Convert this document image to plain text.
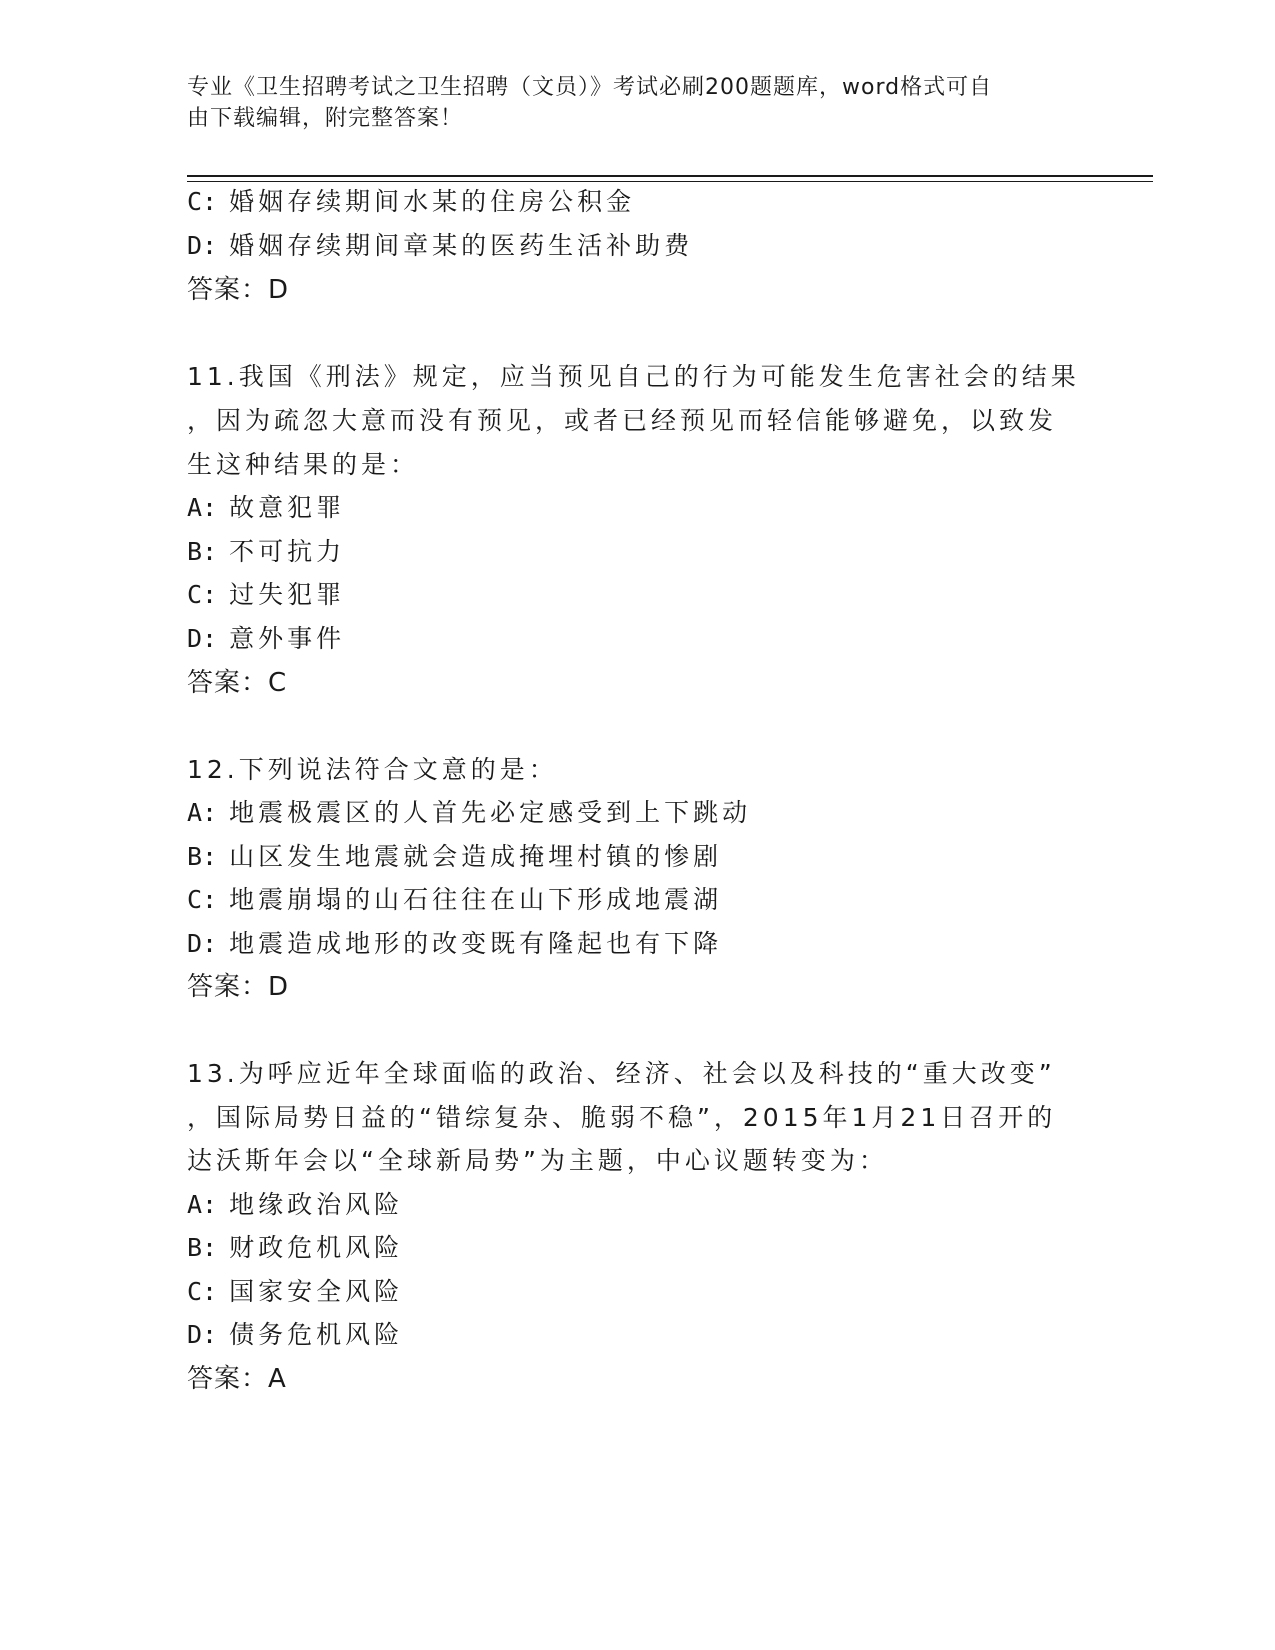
专业《卫生招聘考试之卫生招聘（文员）》考试必刷200题题库，word格式可自
由下载编辑，附完整答案！
C: 婚姻存续期间水某的住房公积金
D: 婚姻存续期间章某的医药生活补助费
答案：D
11.我国《刑法》规定，应当预见自己的行为可能发生危害社会的结果
，因为疏忽大意而没有预见，或者已经预见而轻信能够避免，以致发
生这种结果的是：
A: 故意犯罪
B: 不可抗力
C: 过失犯罪
D: 意外事件
答案：C
12.下列说法符合文意的是：
A: 地震极震区的人首先必定感受到上下跳动
B: 山区发生地震就会造成掩埋村镇的惨剧
C: 地震崩塌的山石往往在山下形成地震湖
D: 地震造成地形的改变既有隆起也有下降
答案：D
13.为呼应近年全球面临的政治、经济、社会以及科技的“重大改变”
，国际局势日益的“错综复杂、脆弱不稳”，2015年1月21日召开的
达沃斯年会以“全球新局势”为主题，中心议题转变为：
A: 地缘政治风险
B: 财政危机风险
C: 国家安全风险
D: 债务危机风险
答案：A
